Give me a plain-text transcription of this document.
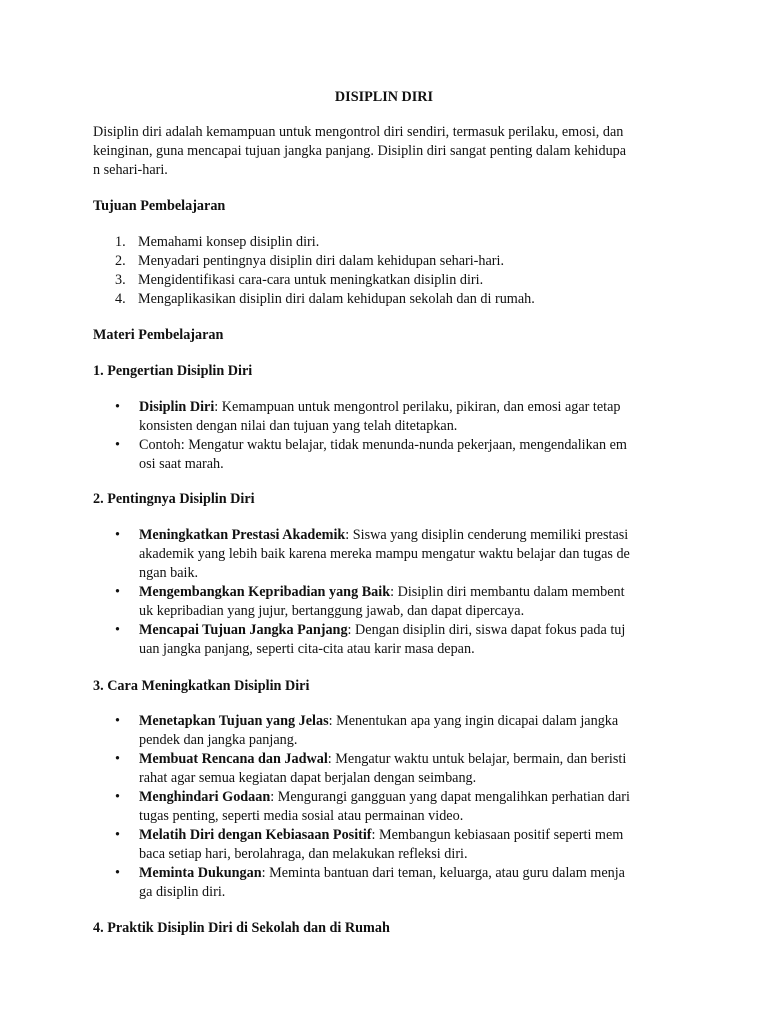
DISIPLIN DIRI

Disiplin diri adalah kemampuan untuk mengontrol diri sendiri, termasuk perilaku, emosi, dan

keinginan, guna mencapai tujuan jangka panjang. Disiplin diri sangat penting dalam kehidupa

n sehari-hari.

Tujuan Pembelajaran
1. Memahami konsep disiplin diri.
2. Menyadari pentingnya disiplin diri dalam kehidupan sehari-hari.
3. Mengidentifikasi cara-cara untuk meningkatkan disiplin diri.
4. Mengaplikasikan disiplin diri dalam kehidupan sekolah dan di rumah.
Materi Pembelajaran
1. Pengertian Disiplin Diri
• Disiplin Diri: Kemampuan untuk mengontrol perilaku, pikiran, dan emosi agar tetap
konsisten dengan nilai dan tujuan yang telah ditetapkan.
• Contoh: Mengatur waktu belajar, tidak menunda-nunda pekerjaan, mengendalikan em
osi saat marah.
2. Pentingnya Disiplin Diri
• Meningkatkan Prestasi Akademik: Siswa yang disiplin cenderung memiliki prestasi
akademik yang lebih baik karena mereka mampu mengatur waktu belajar dan tugas de
ngan baik.
• Mengembangkan Kepribadian yang Baik: Disiplin diri membantu dalam membent
uk kepribadian yang jujur, bertanggung jawab, dan dapat dipercaya.
• Mencapai Tujuan Jangka Panjang: Dengan disiplin diri, siswa dapat fokus pada tuj
uan jangka panjang, seperti cita-cita atau karir masa depan.
3. Cara Meningkatkan Disiplin Diri
• Menetapkan Tujuan yang Jelas: Menentukan apa yang ingin dicapai dalam jangka
pendek dan jangka panjang.
• Membuat Rencana dan Jadwal: Mengatur waktu untuk belajar, bermain, dan beristi
rahat agar semua kegiatan dapat berjalan dengan seimbang.
• Menghindari Godaan: Mengurangi gangguan yang dapat mengalihkan perhatian dari
tugas penting, seperti media sosial atau permainan video.
• Melatih Diri dengan Kebiasaan Positif: Membangun kebiasaan positif seperti mem
baca setiap hari, berolahraga, dan melakukan refleksi diri.
• Meminta Dukungan: Meminta bantuan dari teman, keluarga, atau guru dalam menja
ga disiplin diri.
4. Praktik Disiplin Diri di Sekolah dan di Rumah
